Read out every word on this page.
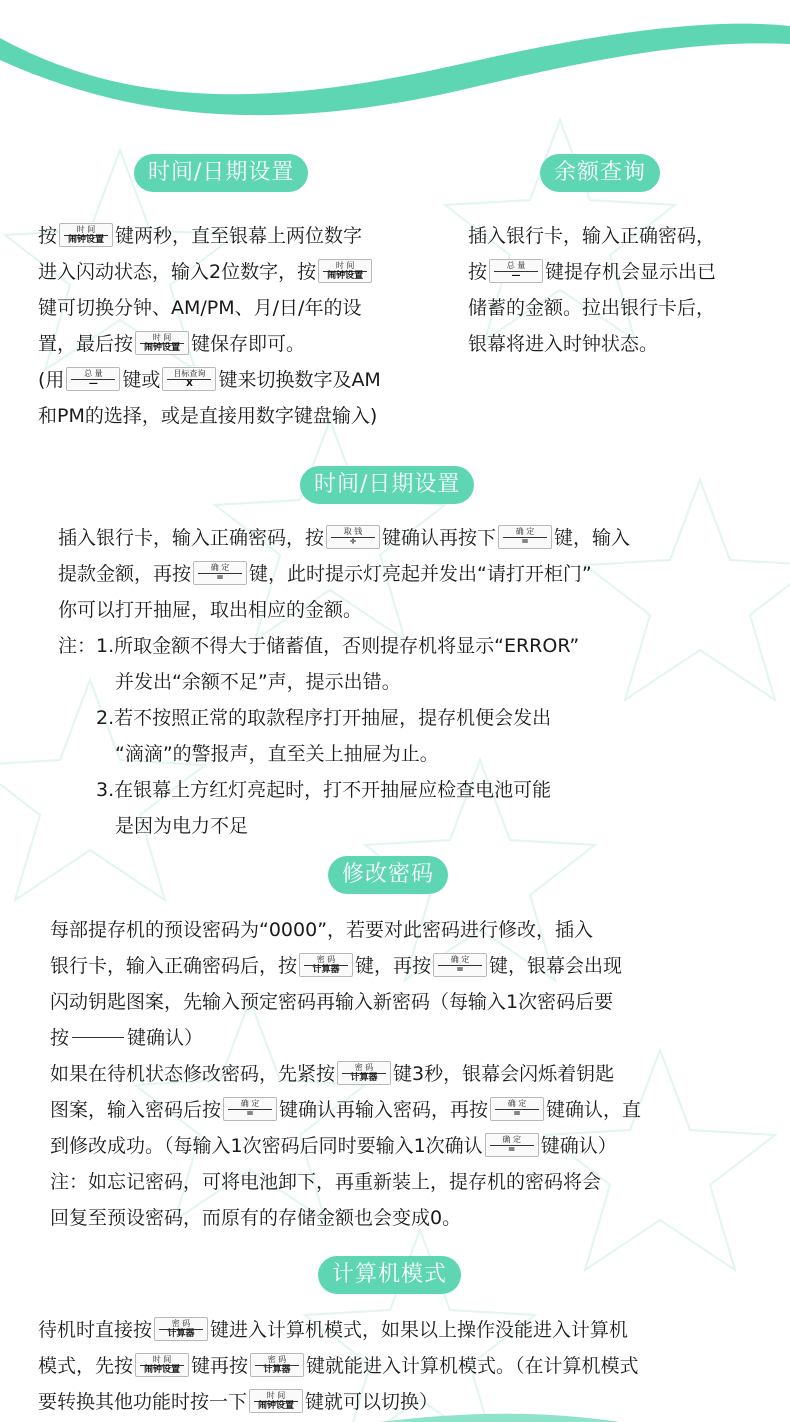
时间/日期设置	余额查询
按	时 间
闹钟设置 键两秒，直至银幕上两位数字
进入闪动状态，输入2位数字，按	时 间
闹钟设置
键可切换分钟、AM/PM、月/日/年的设
置，最后按	时 间
闹钟设置 键保存即可。
(用	总 量
—	键或	目标查询
X	键来切换数字及AM
和PM的选择，或是直接用数字键盘输入)
插入银行卡，输入正确密码，
按	总 量
—	键提存机会显示出已
储蓄的金额。拉出银行卡后，
银幕将进入时钟状态。
时间/日期设置
插入银行卡，输入正确密码，按	取 钱
÷	键确认再按下	确 定
=	键，输入
提款金额，再按	确 定
=	键，此时提示灯亮起并发出“请打开柜门”
你可以打开抽屉，取出相应的金额。
注：1.所取金额不得大于储蓄值，否则提存机将显示“ERROR”
　　　并发出“余额不足”声，提示出错。
　　2.若不按照正常的取款程序打开抽屉，提存机便会发出
　　　“滴滴”的警报声，直至关上抽屉为止。
　　3.在银幕上方红灯亮起时，打不开抽屉应检查电池可能
　　　是因为电力不足
修改密码
每部提存机的预设密码为“0000”，若要对此密码进行修改，插入
银行卡，输入正确密码后，按	密 码
计算器 键，再按	确 定
=	键，银幕会出现
闪动钥匙图案，先输入预定密码再输入新密码（每输入1次密码后要
按	键确认）
如果在待机状态修改密码，先紧按	密 码
计算器 键3秒，银幕会闪烁着钥匙
图案，输入密码后按	确 定
=	键确认再输入密码，再按	确 定
=	键确认，直
到修改成功。（每输入1次密码后同时要输入1次确认	确 定
=	键确认）
注：如忘记密码，可将电池卸下，再重新装上，提存机的密码将会
回复至预设密码，而原有的存储金额也会变成0。
计算机模式
待机时直接按	密 码
计算器 键进入计算机模式，如果以上操作没能进入计算机
模式，先按	时 间
闹钟设置 键再按	密 码
计算器 键就能进入计算机模式。（在计算机模式
要转换其他功能时按一下	时 间
闹钟设置 键就可以切换）
